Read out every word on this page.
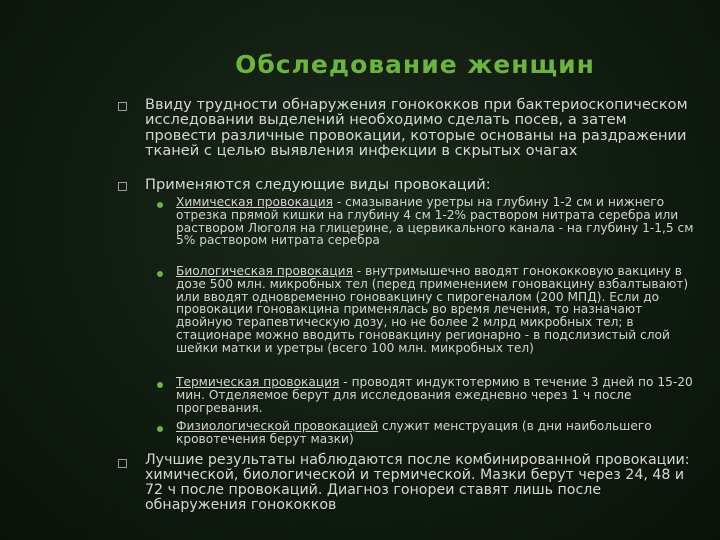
Обследование женщин
Ввиду трудности обнаружения гонококков при бактериоскопическом исследовании выделений необходимо сделать посев, а затем провести различные провокации, которые основаны на раздражении тканей с целью выявления инфекции в скрытых очагах
Применяются следующие виды провокаций:
Химическая провокация - смазывание уретры на глубину 1-2 см и нижнего отрезка прямой кишки на глубину 4 см 1-2% раствором нитрата серебра или раствором Люголя на глицерине, а цервикального канала - на глубину 1-1,5 см 5% раствором нитрата серебра
Биологическая провокация - внутримышечно вводят гонококковую вакцину в дозе 500 млн. микробных тел (перед применением гоновакцину взбалтывают) или вводят одновременно гоновакцину с пирогеналом (200 МПД). Если до провокации гоновакцина применялась во время лечения, то назначают двойную терапевтическую дозу, но не более 2 млрд микробных тел; в стационаре можно вводить гоновакцину регионарно - в подслизистый слой шейки матки и уретры (всего 100 млн. микробных тел)
Термическая провокация - проводят индуктотермию в течение 3 дней по 15-20 мин. Отделяемое берут для исследования ежедневно через 1 ч после прогревания.
Физиологической провокацией служит менструация (в дни наибольшего кровотечения берут мазки)
Лучшие результаты наблюдаются после комбинированной провокации: химической, биологической и термической. Мазки берут через 24, 48 и 72 ч после провокаций. Диагноз гонореи ставят лишь после обнаружения гонококков
